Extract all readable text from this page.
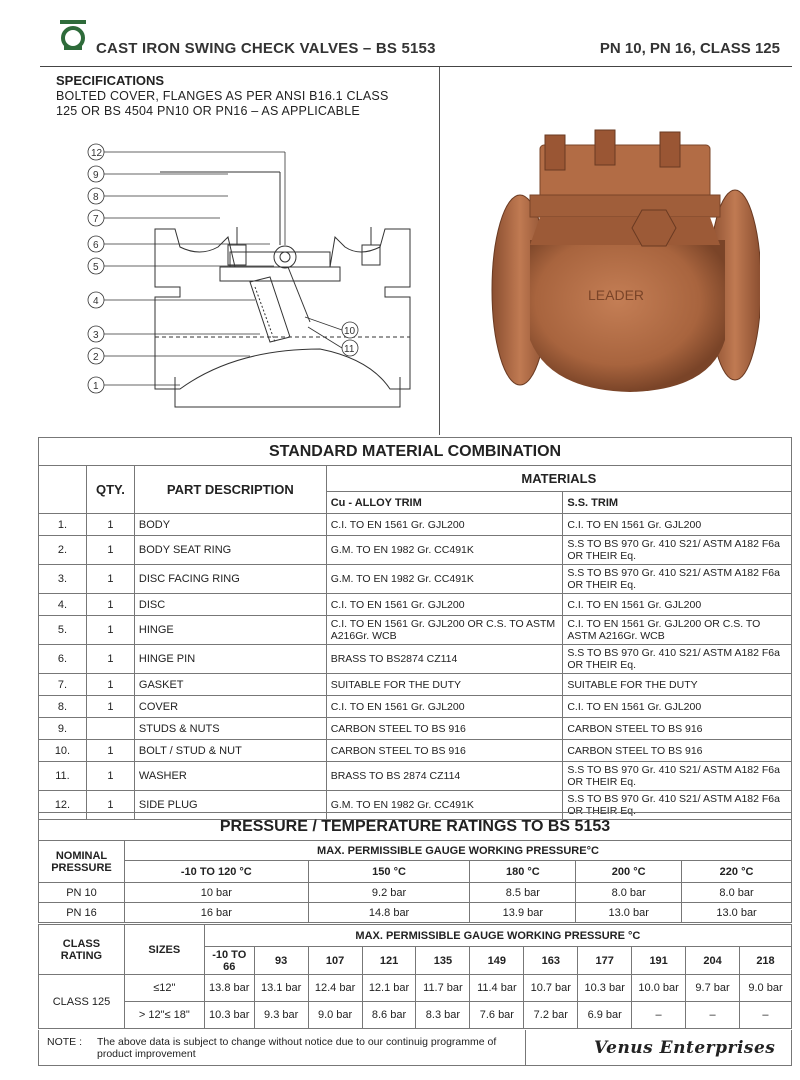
CAST IRON SWING CHECK VALVES – BS 5153	PN 10, PN 16, CLASS 125
SPECIFICATIONS
BOLTED COVER, FLANGES AS PER ANSI B16.1 CLASS
125 OR BS 4504 PN10 OR PN16 – AS APPLICABLE
12
9
8
7
6
5
4
3
2
1
10
11
LEADER
STANDARD MATERIAL COMBINATION				
	QTY.	PART DESCRIPTION	MATERIALS	
			Cu - ALLOY TRIM	S.S. TRIM
1.	1	BODY	C.I. TO EN 1561 Gr. GJL200	C.I. TO EN 1561 Gr. GJL200
2.	1	BODY SEAT RING	G.M. TO EN 1982 Gr. CC491K	S.S TO BS 970 Gr. 410 S21/ ASTM A182 F6a OR THEIR Eq.
3.	1	DISC FACING RING	G.M. TO EN 1982 Gr. CC491K	S.S TO BS 970 Gr. 410 S21/ ASTM A182 F6a OR THEIR Eq.
4.	1	DISC	C.I. TO EN 1561 Gr. GJL200	C.I. TO EN 1561 Gr. GJL200
5.	1	HINGE	C.I. TO EN 1561 Gr. GJL200 OR C.S. TO ASTM A216Gr. WCB	C.I. TO EN 1561 Gr. GJL200 OR C.S. TO ASTM A216Gr. WCB
6.	1	HINGE PIN	BRASS TO BS2874 CZ114	S.S TO BS 970 Gr. 410 S21/ ASTM A182 F6a OR THEIR Eq.
7.	1	GASKET	SUITABLE FOR THE DUTY	SUITABLE FOR THE DUTY
8.	1	COVER	C.I. TO EN 1561 Gr. GJL200	C.I. TO EN 1561 Gr. GJL200
9.		STUDS & NUTS	CARBON STEEL TO BS 916	CARBON STEEL TO BS 916
10.	1	BOLT / STUD & NUT	CARBON STEEL TO BS 916	CARBON STEEL TO BS 916
11.	1	WASHER	BRASS TO BS 2874 CZ114	S.S TO BS 970 Gr. 410 S21/ ASTM A182 F6a OR THEIR Eq.
12.	1	SIDE PLUG	G.M. TO EN 1982 Gr. CC491K	S.S TO BS 970 Gr. 410 S21/ ASTM A182 F6a OR THEIR Eq.
PRESSURE / TEMPERATURE RATINGS TO BS 5153					
NOMINAL PRESSURE	MAX. PERMISSIBLE GAUGE WORKING PRESSURE°C				
	-10 TO 120 °C	150 °C	180 °C	200 °C	220 °C
PN 10	10 bar	9.2 bar	8.5 bar	8.0 bar	8.0 bar
PN 16	16 bar	14.8 bar	13.9 bar	13.0 bar	13.0 bar
CLASS RATING	SIZES	MAX. PERMISSIBLE GAUGE WORKING PRESSURE °C										
		-10 TO 66	93	107	121	135	149	163	177	191	204	218
CLASS 125	≤12"	13.8 bar	13.1 bar	12.4 bar	12.1 bar	11.7 bar	11.4 bar	10.7 bar	10.3 bar	10.0 bar	9.7 bar	9.0 bar
	> 12"≤ 18"	10.3 bar	9.3 bar	9.0 bar	8.6 bar	8.3 bar	7.6 bar	7.2 bar	6.9 bar	–	–	–
NOTE : The above data is subject to change without notice due to our continuig programme of product improvement	Venus Enterprises
